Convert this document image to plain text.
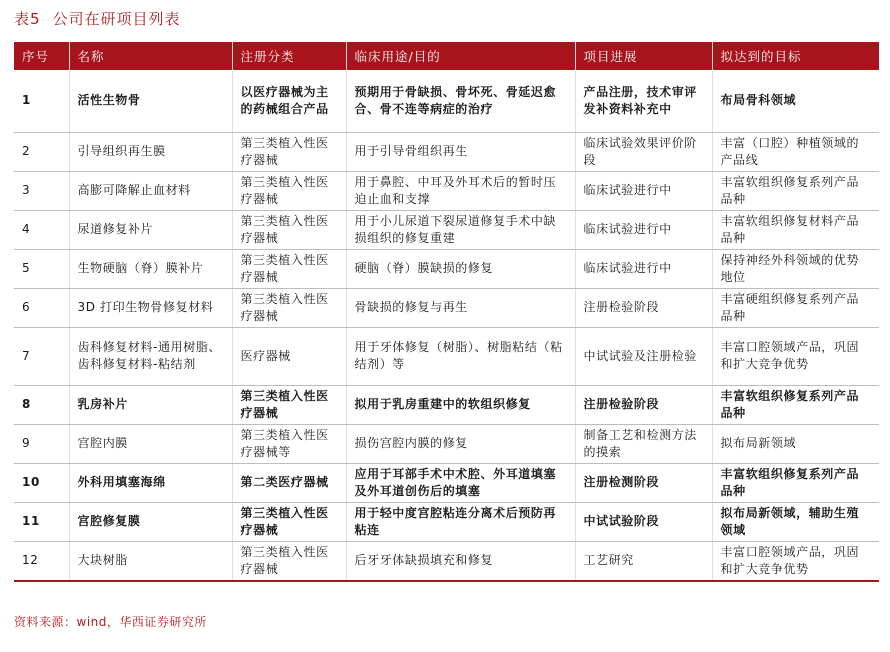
表5 公司在研项目列表
序号	名称	注册分类	临床用途/目的	项目进展	拟达到的目标
1	活性生物骨	以医疗器械为主的药械组合产品	预期用于骨缺损、骨坏死、骨延迟愈合、骨不连等病症的治疗	产品注册，技术审评发补资料补充中	布局骨科领域
2	引导组织再生膜	第三类植入性医疗器械	用于引导骨组织再生	临床试验效果评价阶段	丰富（口腔）种植领域的产品线
3	高膨可降解止血材料	第三类植入性医疗器械	用于鼻腔、中耳及外耳术后的暂时压迫止血和支撑	临床试验进行中	丰富软组织修复系列产品品种
4	尿道修复补片	第三类植入性医疗器械	用于小儿尿道下裂尿道修复手术中缺损组织的修复重建	临床试验进行中	丰富软组织修复材料产品品种
5	生物硬脑（脊）膜补片	第三类植入性医疗器械	硬脑（脊）膜缺损的修复	临床试验进行中	保持神经外科领域的优势地位
6	3D 打印生物骨修复材料	第三类植入性医疗器械	骨缺损的修复与再生	注册检验阶段	丰富硬组织修复系列产品品种
7	齿科修复材料-通用树脂、齿科修复材料-粘结剂	医疗器械	用于牙体修复（树脂）、树脂粘结（粘结剂）等	中试试验及注册检验	丰富口腔领域产品，巩固和扩大竞争优势
8	乳房补片	第三类植入性医疗器械	拟用于乳房重建中的软组织修复	注册检验阶段	丰富软组织修复系列产品品种
9	宫腔内膜	第三类植入性医疗器械等	损伤宫腔内膜的修复	制备工艺和检测方法的摸索	拟布局新领域
10	外科用填塞海绵	第二类医疗器械	应用于耳部手术中术腔、外耳道填塞及外耳道创伤后的填塞	注册检测阶段	丰富软组织修复系列产品品种
11	宫腔修复膜	第三类植入性医疗器械	用于轻中度宫腔粘连分离术后预防再粘连	中试试验阶段	拟布局新领域，辅助生殖领域
12	大块树脂	第三类植入性医疗器械	后牙牙体缺损填充和修复	工艺研究	丰富口腔领域产品，巩固和扩大竞争优势
资料来源：wind，华西证券研究所
